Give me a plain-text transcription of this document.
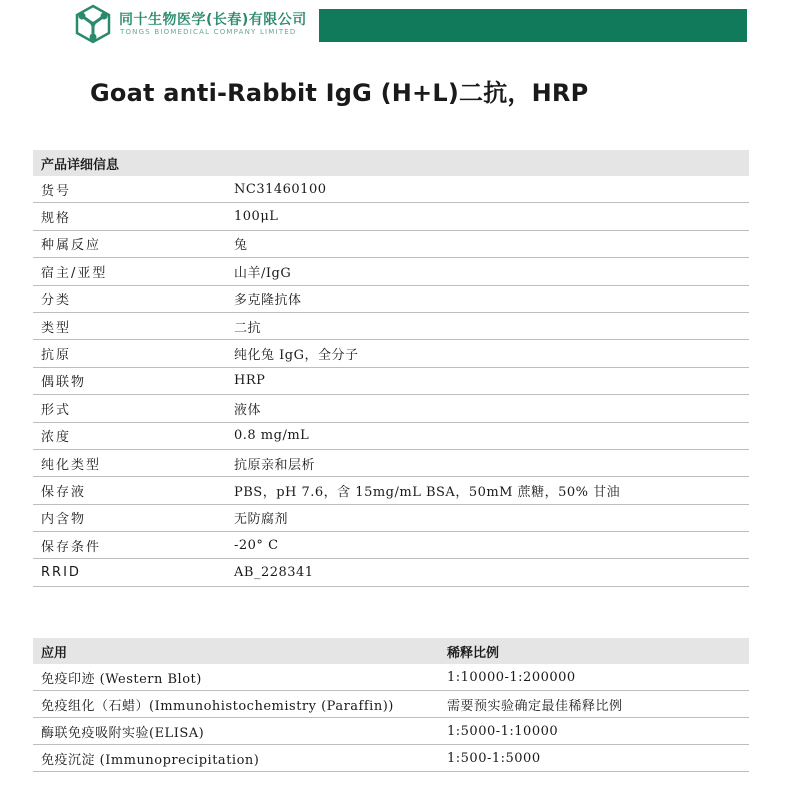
同十生物医学(长春)有限公司
TONGS BIOMEDICAL COMPANY LIMITED
Goat anti-Rabbit IgG (H+L)二抗，HRP
产品详细信息	
货号	NC31460100
规格	100μL
种属反应	兔
宿主/亚型	山羊/IgG
分类	多克隆抗体
类型	二抗
抗原	纯化兔 IgG，全分子
偶联物	HRP
形式	液体
浓度	0.8 mg/mL
纯化类型	抗原亲和层析
保存液	PBS，pH 7.6，含 15mg/mL BSA，50mM 蔗糖，50% 甘油
内含物	无防腐剂
保存条件	-20° C
RRID	AB_228341
应用	稀释比例
免疫印迹 (Western Blot)	1:10000-1:200000
免疫组化（石蜡）(Immunohistochemistry (Paraffin))	需要预实验确定最佳稀释比例
酶联免疫吸附实验(ELISA)	1:5000-1:10000
免疫沉淀 (Immunoprecipitation)	1:500-1:5000
